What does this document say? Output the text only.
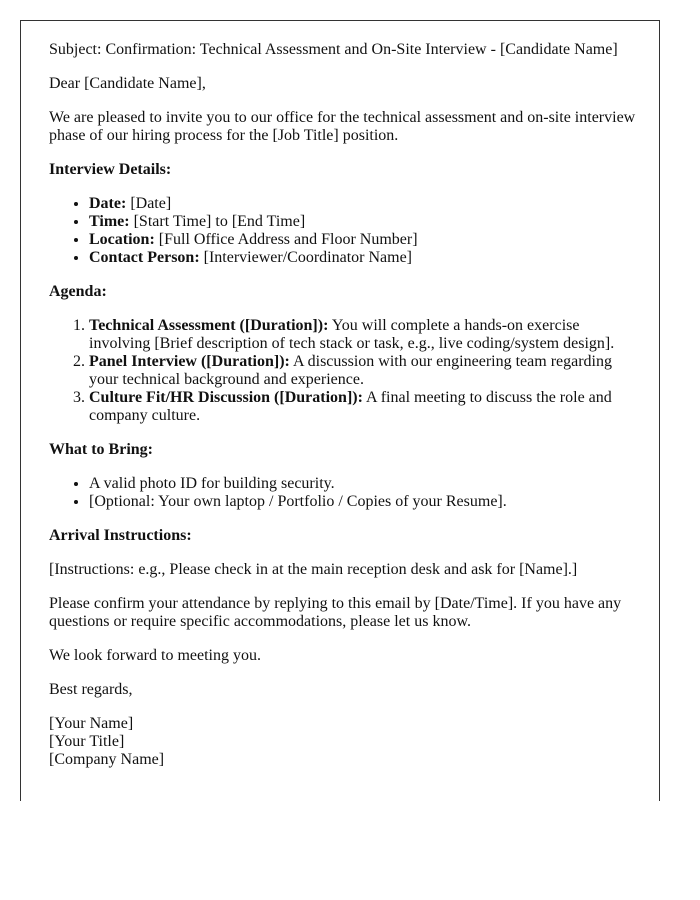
Subject: Confirmation: Technical Assessment and On-Site Interview - [Candidate Name]

Dear [Candidate Name],

We are pleased to invite you to our office for the technical assessment and on-site interview phase of our hiring process for the [Job Title] position.

Interview Details:

• Date: [Date]
• Time: [Start Time] to [End Time]
• Location: [Full Office Address and Floor Number]
• Contact Person: [Interviewer/Coordinator Name]

Agenda:

1. Technical Assessment ([Duration]): You will complete a hands-on exercise involving [Brief description of tech stack or task, e.g., live coding/system design].
2. Panel Interview ([Duration]): A discussion with our engineering team regarding your technical background and experience.
3. Culture Fit/HR Discussion ([Duration]): A final meeting to discuss the role and company culture.

What to Bring:

• A valid photo ID for building security.
• [Optional: Your own laptop / Portfolio / Copies of your Resume].

Arrival Instructions:

[Instructions: e.g., Please check in at the main reception desk and ask for [Name].]

Please confirm your attendance by replying to this email by [Date/Time]. If you have any questions or require specific accommodations, please let us know.

We look forward to meeting you.

Best regards,

[Your Name]

[Your Title]

[Company Name]
